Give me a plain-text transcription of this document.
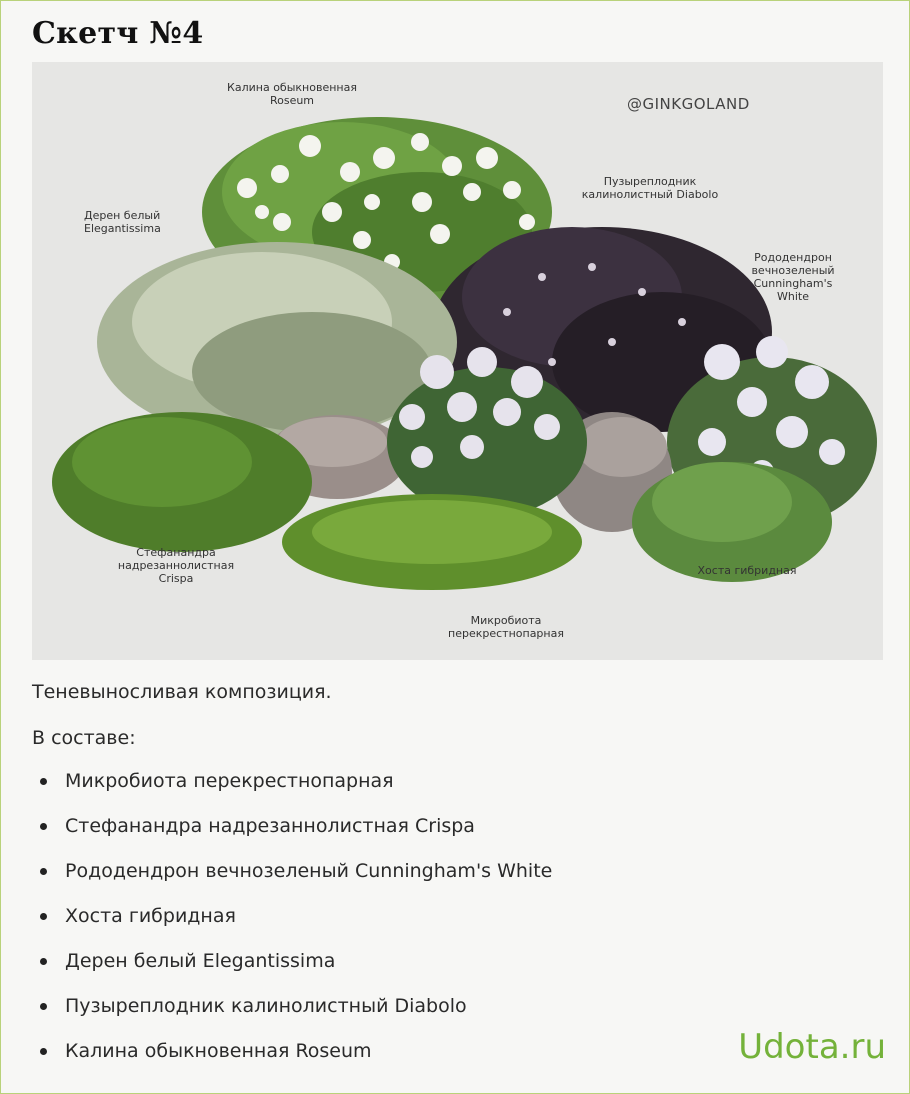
Скетч №4
@GINKGOLAND
Калина обыкновенная
Roseum
Дерен белый
Elegantissima
Пузыреплодник
калинолистный Diabolo
Рододендрон
вечнозеленый
Cunningham's
White
Стефанандра
надрезаннолистная
Crispa
Хоста гибридная
Микробиота
перекрестнопарная
Теневыносливая композиция.
В составе:
Микробиота перекрестнопарная
Стефанандра надрезаннолистная Crispa
Рододендрон вечнозеленый Cunningham's White
Хоста гибридная
Дерен белый Elegantissima
Пузыреплодник калинолистный Diabolo
Калина обыкновенная Roseum	Udota.ru
